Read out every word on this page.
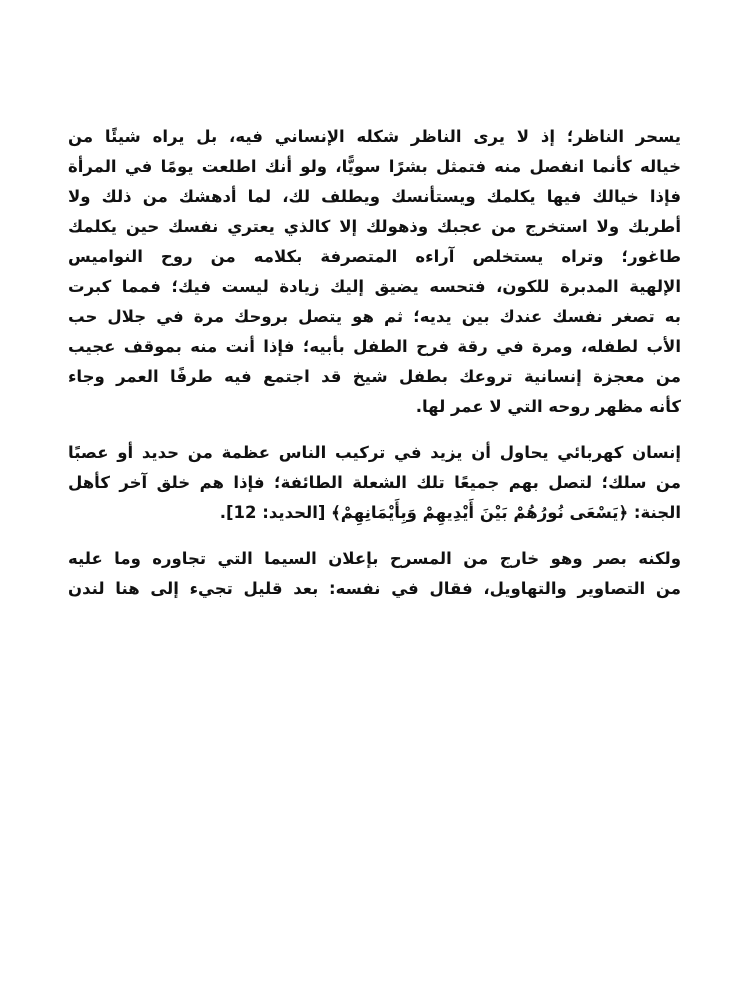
يسحر الناظر؛ إذ لا يرى الناظر شكله الإنساني فيه، بل يراه شيئًا من
خياله كأنما انفصل منه فتمثل بشرًا سويًّا، ولو أنك اطلعت يومًا في المرأة
فإذا خيالك فيها يكلمك ويستأنسك ويطلف لك، لما أدهشك من ذلك ولا
أطربك ولا استخرج من عجبك وذهولك إلا كالذي يعتري نفسك حين يكلمك
طاغور؛ وتراه يستخلص آراءه المتصرفة بكلامه من روح النواميس
الإلهية المدبرة للكون، فتحسه يضيق إليك زيادة ليست فيك؛ فمما كبرت
به تصغر نفسك عندك بين يديه؛ ثم هو يتصل بروحك مرة في جلال حب
الأب لطفله، ومرة في رقة فرح الطفل بأبيه؛ فإذا أنت منه بموقف عجيب
من معجزة إنسانية تروعك بطفل شيخ قد اجتمع فيه طرفًا العمر وجاء
كأنه مظهر روحه التي لا عمر لها.
إنسان كهربائي يحاول أن يزيد في تركيب الناس عظمة من حديد أو عصبًا
من سلك؛ لتصل بهم جميعًا تلك الشعلة الطائفة؛ فإذا هم خلق آخر كأهل
الجنة: ﴿يَسْعَى نُورُهُمْ بَيْنَ أَيْدِيهِمْ وَبِأَيْمَانِهِمْ﴾ [الحديد: 12].
ولكنه بصر وهو خارج من المسرح بإعلان السيما التي تجاوره وما عليه
من التصاوير والتهاويل، فقال في نفسه: بعد قليل تجيء إلى هنا لندن
